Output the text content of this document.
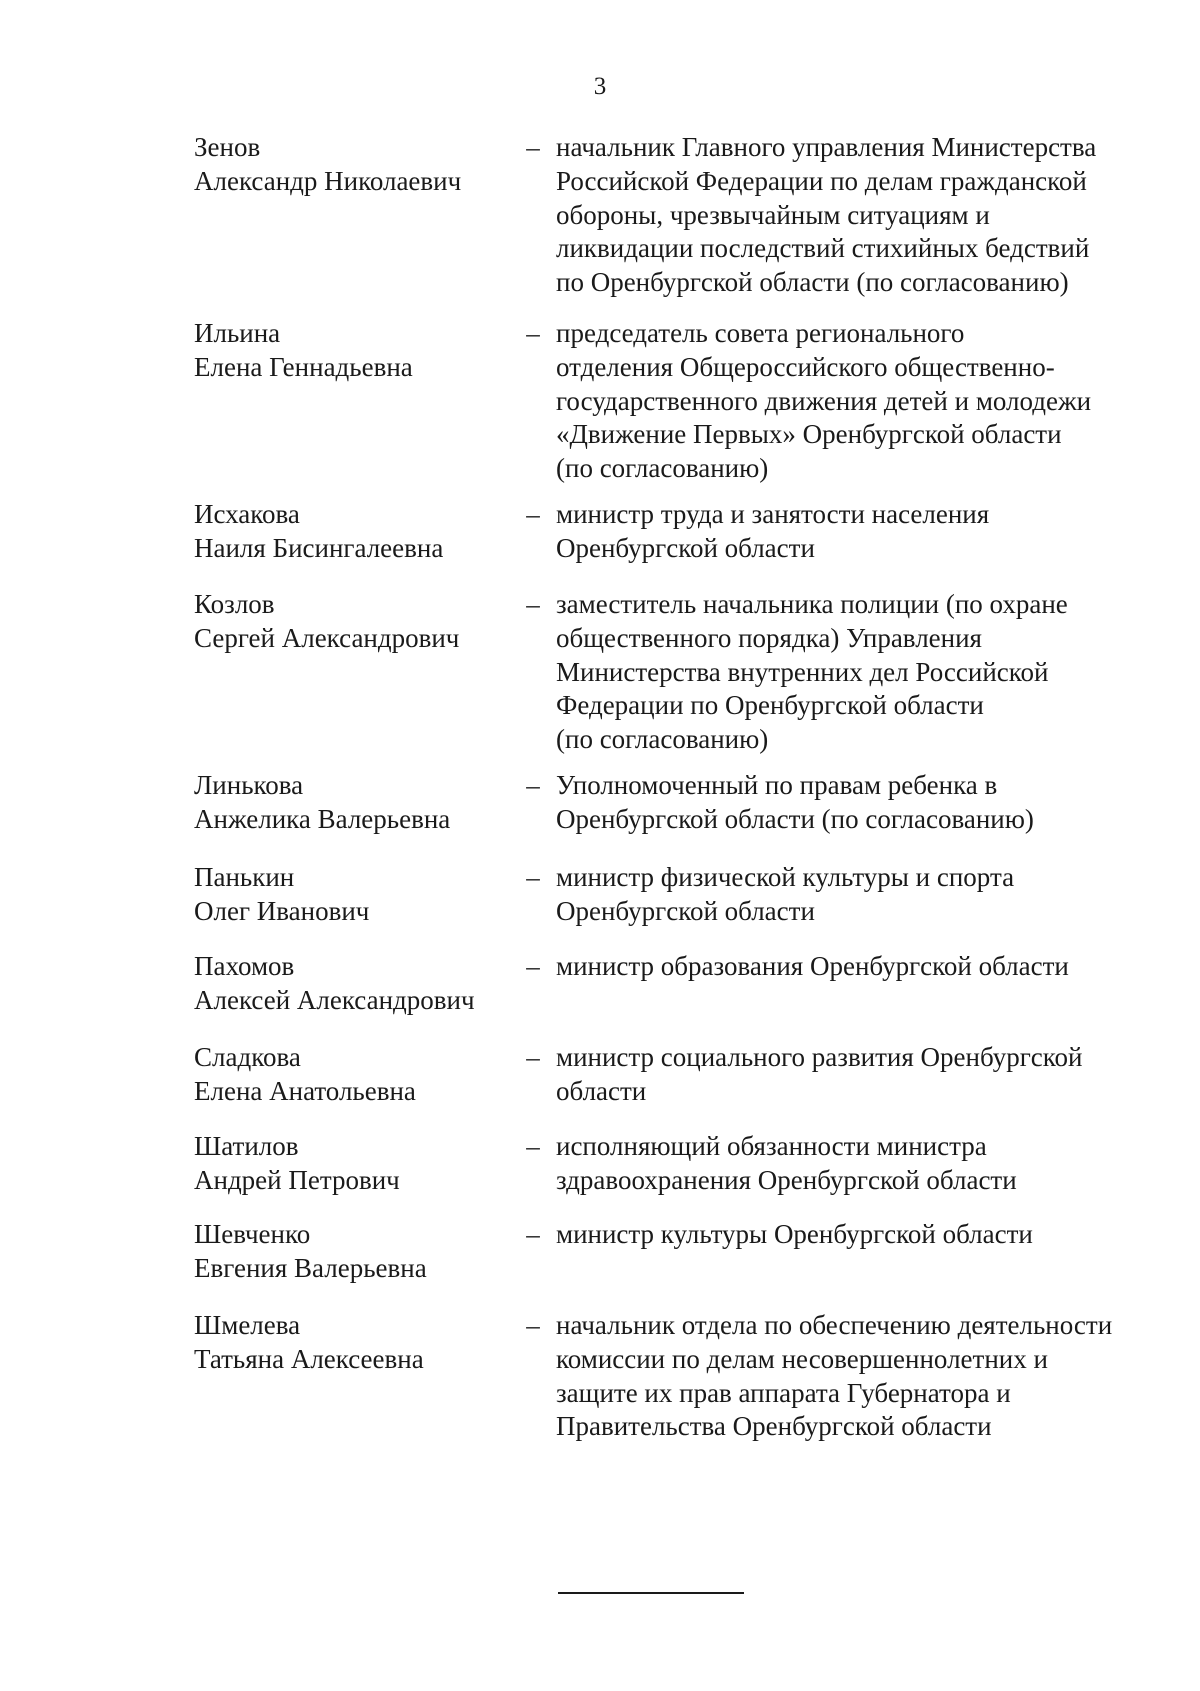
3
Зенов
Александр Николаевич
– начальник Главного управления Министерства
Российской Федерации по делам гражданской
обороны, чрезвычайным ситуациям и
ликвидации последствий стихийных бедствий
по Оренбургской области (по согласованию)
Ильина
Елена Геннадьевна
– председатель совета регионального
отделения Общероссийского общественно-
государственного движения детей и молодежи
«Движение Первых» Оренбургской области
(по согласованию)
Исхакова
Наиля Бисингалеевна
– министр труда и занятости населения
Оренбургской области
Козлов
Сергей Александрович
– заместитель начальника полиции (по охране
общественного порядка) Управления
Министерства внутренних дел Российской
Федерации по Оренбургской области
(по согласованию)
Линькова
Анжелика Валерьевна
– Уполномоченный по правам ребенка в
Оренбургской области (по согласованию)
Панькин
Олег Иванович
– министр физической культуры и спорта
Оренбургской области
Пахомов
Алексей Александрович
– министр образования Оренбургской области
Сладкова
Елена Анатольевна
– министр социального развития Оренбургской
области
Шатилов
Андрей Петрович
– исполняющий обязанности министра
здравоохранения Оренбургской области
Шевченко
Евгения Валерьевна
– министр культуры Оренбургской области
Шмелева
Татьяна Алексеевна
– начальник отдела по обеспечению деятельности
комиссии по делам несовершеннолетних и
защите их прав аппарата Губернатора и
Правительства Оренбургской области
